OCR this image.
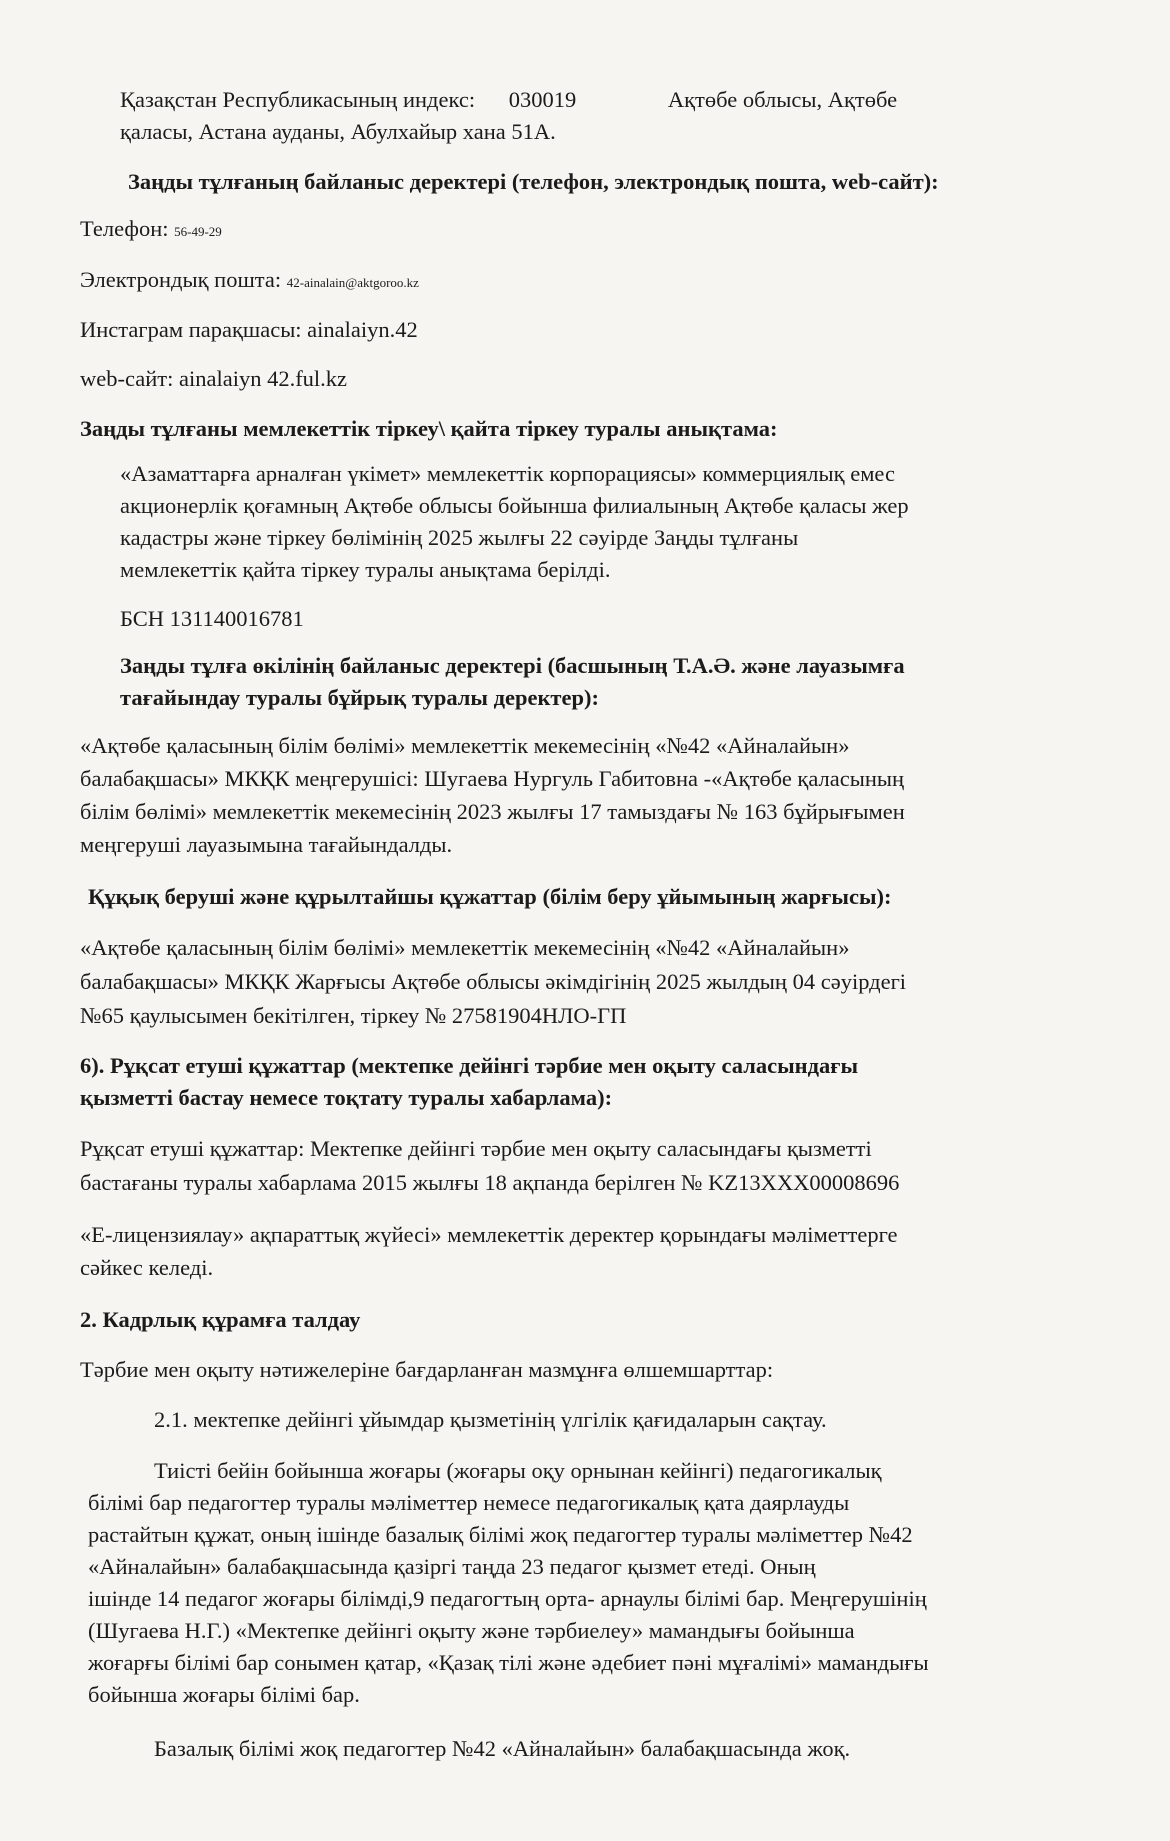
Қазақстан Республикасының индекс: 030019	Ақтөбе облысы, Ақтөбе
қаласы, Астана ауданы, Абулхайыр хана 51А.
Заңды тұлғаның байланыс деректері (телефон, электрондық пошта, web-сайт):
Телефон: 56-49-29
Электрондық пошта: 42-ainalain@aktgoroo.kz
Инстаграм парақшасы: ainalaiyn.42
web-сайт: ainalaiyn 42.ful.kz
Заңды тұлғаны мемлекеттік тіркеу\ қайта тіркеу туралы анықтама:
«Азаматтарға арналған үкімет» мемлекеттік корпорациясы» коммерциялық емес
акционерлік қоғамның Ақтөбе облысы бойынша филиалының Ақтөбе қаласы жер
кадастры және тіркеу бөлімінің 2025 жылғы 22 сәуірде Заңды тұлғаны
мемлекеттік қайта тіркеу туралы анықтама берілді.
БСН 131140016781
Заңды тұлға өкілінің байланыс деректері (басшының Т.А.Ә. және лауазымға
тағайындау туралы бұйрық туралы деректер):
«Ақтөбе қаласының білім бөлімі» мемлекеттік мекемесінің «№42 «Айналайын»
балабақшасы» МКҚК меңгерушісі: Шугаева Нургуль Габитовна -«Ақтөбе қаласының
білім бөлімі» мемлекеттік мекемесінің 2023 жылғы 17 тамыздағы № 163 бұйрығымен
меңгеруші лауазымына тағайындалды.
Құқық беруші және құрылтайшы құжаттар (білім беру ұйымының жарғысы):
«Ақтөбе қаласының білім бөлімі» мемлекеттік мекемесінің «№42 «Айналайын»
балабақшасы» МКҚК Жарғысы Ақтөбе облысы әкімдігінің 2025 жылдың 04 сәуірдегі
№65 қаулысымен бекітілген, тіркеу № 27581904НЛО-ГП
6). Рұқсат етуші құжаттар (мектепке дейінгі тәрбие мен оқыту саласындағы
қызметті бастау немесе тоқтату туралы хабарлама):
Рұқсат етуші құжаттар: Мектепке дейінгі тәрбие мен оқыту саласындағы қызметті
бастағаны туралы хабарлама 2015 жылғы 18 ақпанда берілген № KZ13XXX00008696
«Е-лицензиялау» ақпараттық жүйесі» мемлекеттік деректер қорындағы мәліметтерге
сәйкес келеді.
2. Кадрлық құрамға талдау
Тәрбие мен оқыту нәтижелеріне бағдарланған мазмұнға өлшемшарттар:
2.1. мектепке дейінгі ұйымдар қызметінің үлгілік қағидаларын сақтау.
Тиісті бейін бойынша жоғары (жоғары оқу орнынан кейінгі) педагогикалық
білімі бар педагогтер туралы мәліметтер немесе педагогикалық қата даярлауды
растайтын құжат, оның ішінде базалық білімі жоқ педагогтер туралы мәліметтер №42
«Айналайын» балабақшасында қазіргі таңда 23 педагог қызмет етеді. Оның
ішінде 14 педагог жоғары білімді,9 педагогтың орта- арнаулы білімі бар. Меңгерушінің
(Шугаева Н.Г.) «Мектепке дейінгі оқыту және тәрбиелеу» мамандығы бойынша
жоғарғы білімі бар сонымен қатар, «Қазақ тілі және әдебиет пәні мұғалімі» мамандығы
бойынша жоғары білімі бар.
Базалық білімі жоқ педагогтер №42 «Айналайын» балабақшасында жоқ.
